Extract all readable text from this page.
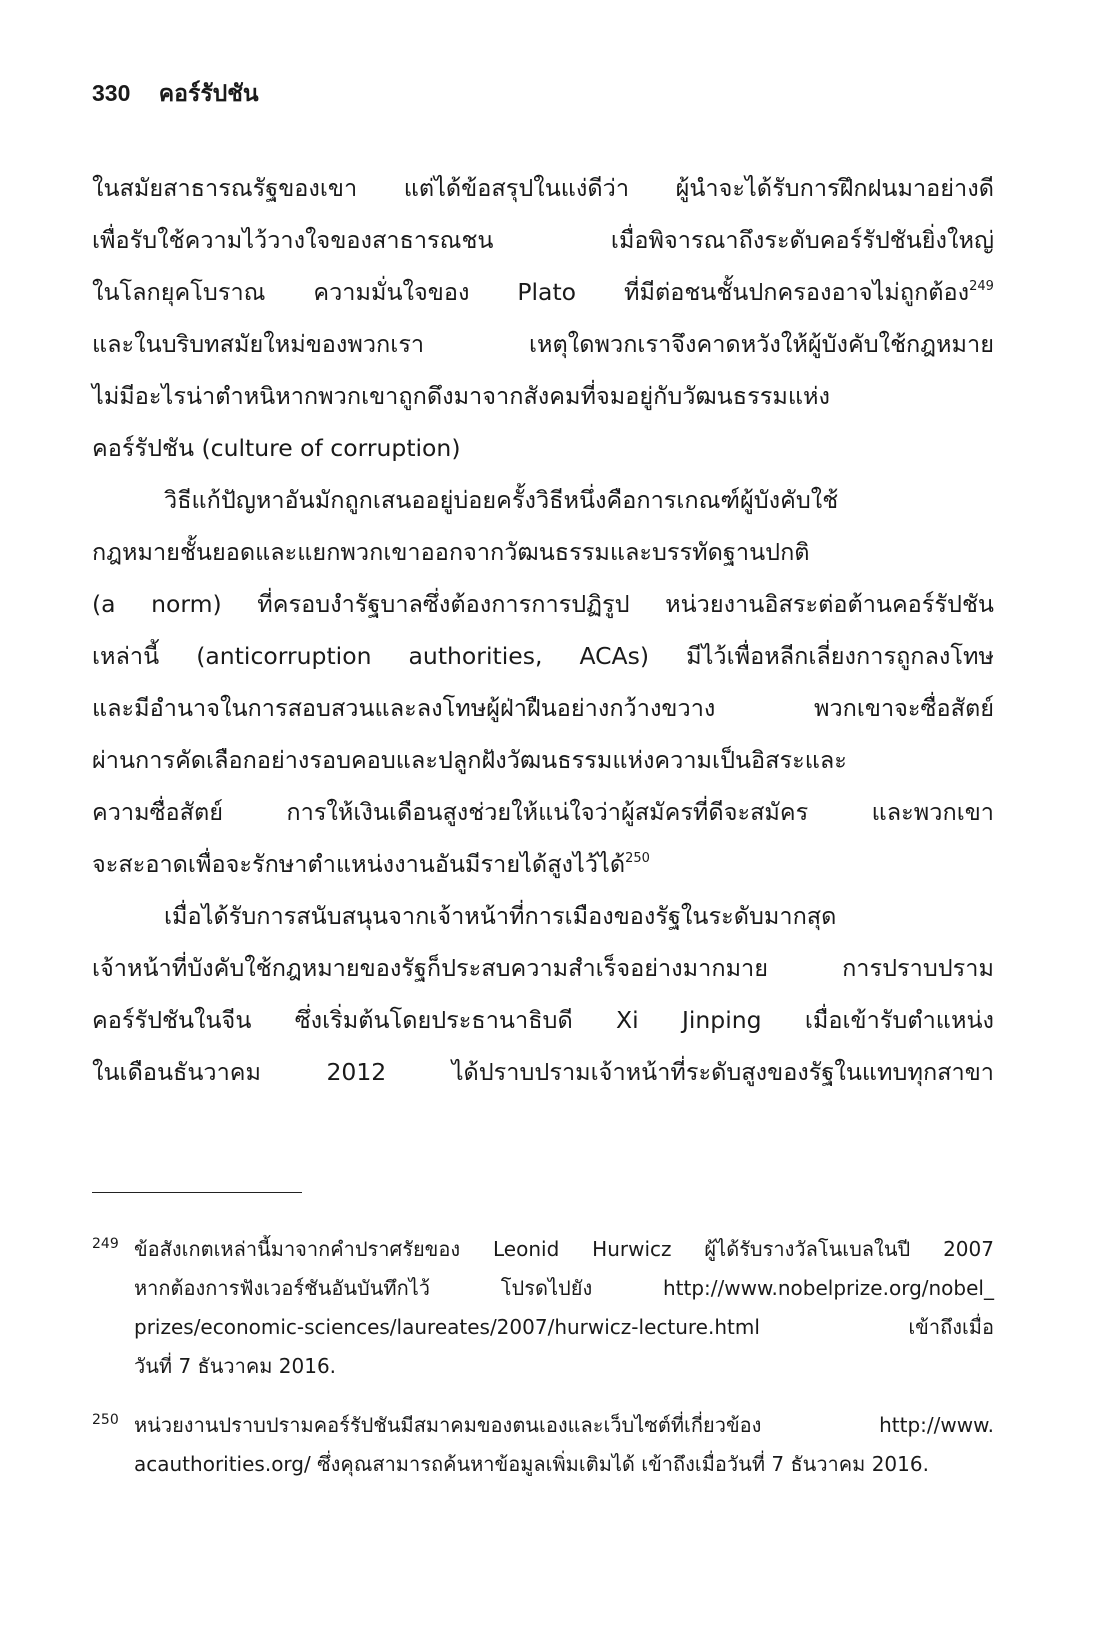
330 คอร์รัปชัน
ในสมัยสาธารณรัฐของเขา แต่ได้ข้อสรุปในแง่ดีว่า ผู้นำจะได้รับการฝึกฝนมาอย่างดี
เพื่อรับใช้ความไว้วางใจของสาธารณชน	เมื่อพิจารณาถึงระดับคอร์รัปชันยิ่งใหญ่
ในโลกยุคโบราณ ความมั่นใจของ Plato ที่มีต่อชนชั้นปกครองอาจไม่ถูกต้อง$^{249}$
และในบริบทสมัยใหม่ของพวกเรา	เหตุใดพวกเราจึงคาดหวังให้ผู้บังคับใช้กฎหมาย
ไม่มีอะไรน่าตำหนิหากพวกเขาถูกดึงมาจากสังคมที่จมอยู่กับวัฒนธรรมแห่ง
คอร์รัปชัน (culture of corruption)
วิธีแก้ปัญหาอันมักถูกเสนออยู่บ่อยครั้งวิธีหนึ่งคือการเกณฑ์ผู้บังคับใช้
กฎหมายชั้นยอดและแยกพวกเขาออกจากวัฒนธรรมและบรรทัดฐานปกติ
(a norm) ที่ครอบงำรัฐบาลซึ่งต้องการการปฏิรูป หน่วยงานอิสระต่อต้านคอร์รัปชัน
เหล่านี้ (anticorruption authorities, ACAs) มีไว้เพื่อหลีกเลี่ยงการถูกลงโทษ
และมีอำนาจในการสอบสวนและลงโทษผู้ฝ่าฝืนอย่างกว้างขวาง	พวกเขาจะซื่อสัตย์
ผ่านการคัดเลือกอย่างรอบคอบและปลูกฝังวัฒนธรรมแห่งความเป็นอิสระและ
ความซื่อสัตย์	การให้เงินเดือนสูงช่วยให้แน่ใจว่าผู้สมัครที่ดีจะสมัคร	และพวกเขา
จะสะอาดเพื่อจะรักษาตำแหน่งงานอันมีรายได้สูงไว้ได้$^{250}$
เมื่อได้รับการสนับสนุนจากเจ้าหน้าที่การเมืองของรัฐในระดับมากสุด
เจ้าหน้าที่บังคับใช้กฎหมายของรัฐก็ประสบความสำเร็จอย่างมากมาย	การปราบปราม
คอร์รัปชันในจีน ซึ่งเริ่มต้นโดยประธานาธิบดี Xi Jinping เมื่อเข้ารับตำแหน่ง
ในเดือนธันวาคม	2012	ได้ปราบปรามเจ้าหน้าที่ระดับสูงของรัฐในแทบทุกสาขา
249 ข้อสังเกตเหล่านี้มาจากคำปราศรัยของ Leonid Hurwicz ผู้ได้รับรางวัลโนเบลในปี 2007
หากต้องการฟังเวอร์ชันอันบันทึกไว้	โปรดไปยัง	http://www.nobelprize.org/nobel_
prizes/economic-sciences/laureates/2007/hurwicz-lecture.html	เข้าถึงเมื่อ
วันที่ 7 ธันวาคม 2016.
250 หน่วยงานปราบปรามคอร์รัปชันมีสมาคมของตนเองและเว็บไซต์ที่เกี่ยวข้อง	http://www.
acauthorities.org/ ซึ่งคุณสามารถค้นหาข้อมูลเพิ่มเติมได้ เข้าถึงเมื่อวันที่ 7 ธันวาคม 2016.
